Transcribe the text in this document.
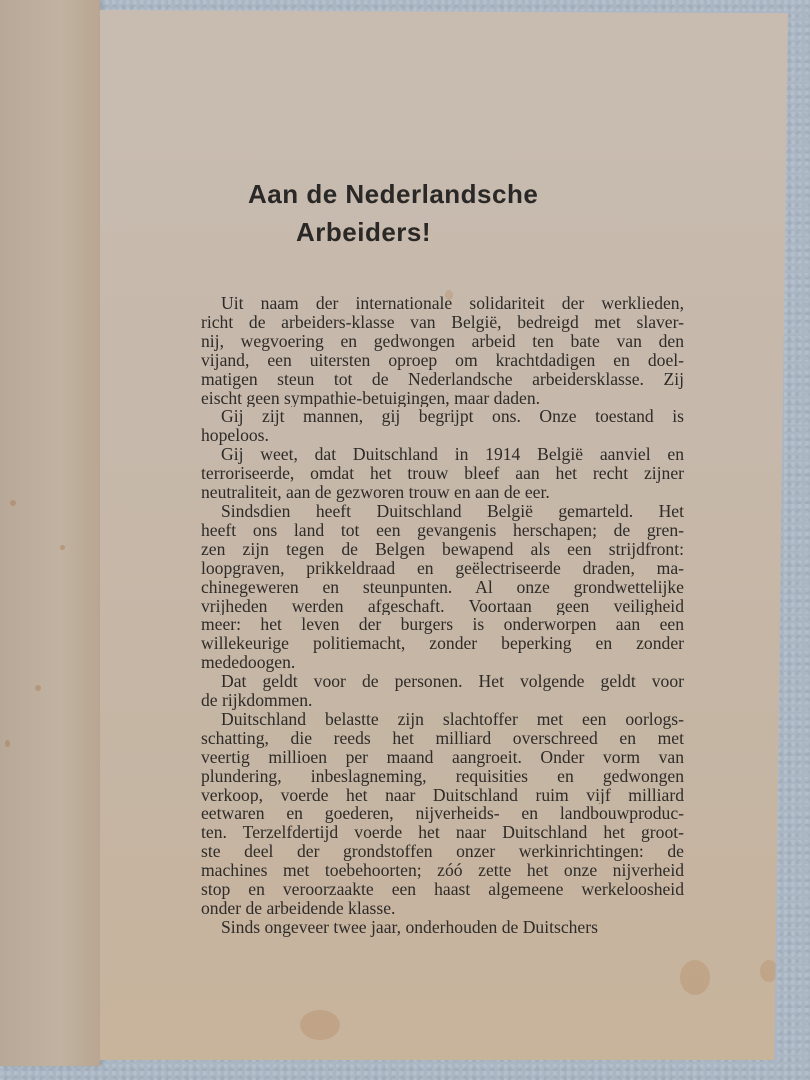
Aan de Nederlandsche
Arbeiders!
Uit naam der internationale solidariteit der werklieden,
richt de arbeiders-klasse van België, bedreigd met slaver-
nij, wegvoering en gedwongen arbeid ten bate van den
vijand, een uitersten oproep om krachtdadigen en doel-
matigen steun tot de Nederlandsche arbeidersklasse. Zij
eischt geen sympathie-betuigingen, maar daden.
Gij zijt mannen, gij begrijpt ons. Onze toestand is
hopeloos.
Gij weet, dat Duitschland in 1914 België aanviel en
terroriseerde, omdat het trouw bleef aan het recht zijner
neutraliteit, aan de gezworen trouw en aan de eer.
Sindsdien heeft Duitschland België gemarteld. Het
heeft ons land tot een gevangenis herschapen; de gren-
zen zijn tegen de Belgen bewapend als een strijdfront:
loopgraven, prikkeldraad en geëlectriseerde draden, ma-
chinegeweren en steunpunten. Al onze grondwettelijke
vrijheden werden afgeschaft. Voortaan geen veiligheid
meer: het leven der burgers is onderworpen aan een
willekeurige politiemacht, zonder beperking en zonder
mededoogen.
Dat geldt voor de personen. Het volgende geldt voor
de rijkdommen.
Duitschland belastte zijn slachtoffer met een oorlogs-
schatting, die reeds het milliard overschreed en met
veertig millioen per maand aangroeit. Onder vorm van
plundering, inbeslagneming, requisities en gedwongen
verkoop, voerde het naar Duitschland ruim vijf milliard
eetwaren en goederen, nijverheids- en landbouwproduc-
ten. Terzelfdertijd voerde het naar Duitschland het groot-
ste deel der grondstoffen onzer werkinrichtingen: de
machines met toebehoorten; zóó zette het onze nijverheid
stop en veroorzaakte een haast algemeene werkeloosheid
onder de arbeidende klasse.
Sinds ongeveer twee jaar, onderhouden de Duitschers
